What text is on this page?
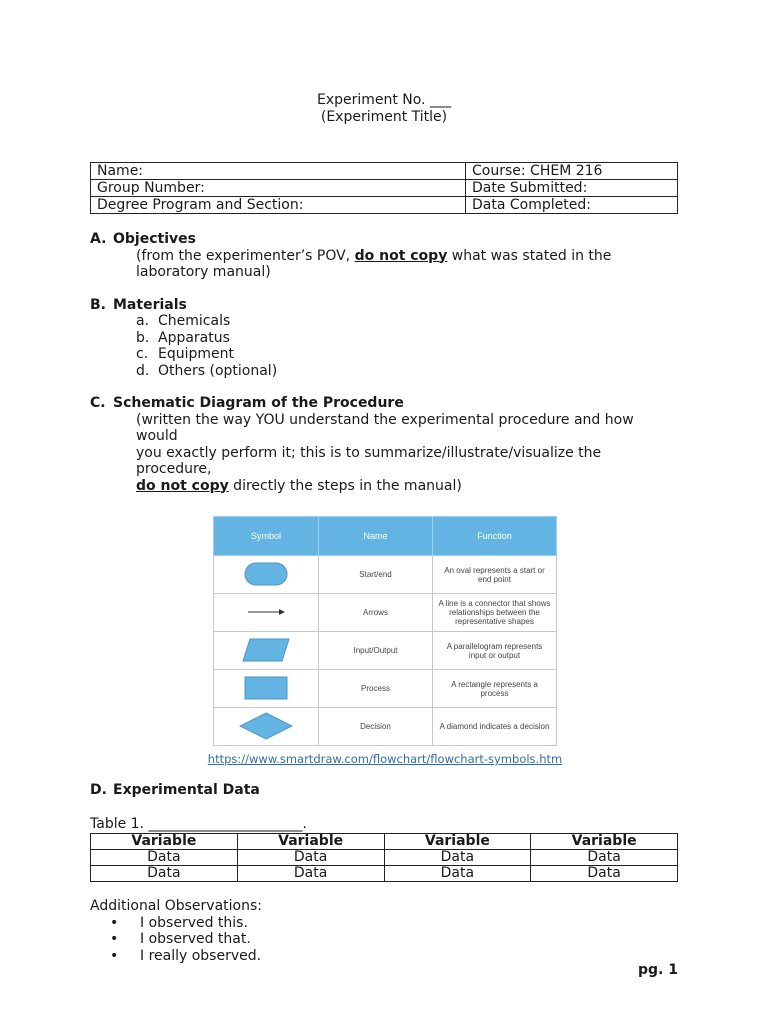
Experiment No. ___
(Experiment Title)
Name:	Course: CHEM 216
Group Number:	Date Submitted:
Degree Program and Section:	Data Completed:
A. Objectives
(from the experimenter’s POV, do not copy what was stated in the
laboratory manual)
B. Materials
a. Chemicals
b. Apparatus
c. Equipment
d. Others (optional)
C. Schematic Diagram of the Procedure
(written the way YOU understand the experimental procedure and how would
you exactly perform it; this is to summarize/illustrate/visualize the procedure,
do not copy directly the steps in the manual)
Symbol	Name	Function
	Start/end	An oval represents a start or end point
	Arrows	A line is a connector that shows relationships between the representative shapes
	Input/Output	A parallelogram represents input or output
	Process	A rectangle represents a process
	Decision	A diamond indicates a decision
https://www.smartdraw.com/flowchart/flowchart-symbols.htm
D. Experimental Data
Table 1. ______________________.
Variable	Variable	Variable	Variable
Data	Data	Data	Data
Data	Data	Data	Data
Additional Observations:
• I observed this.
• I observed that.
• I really observed.
pg. 1
